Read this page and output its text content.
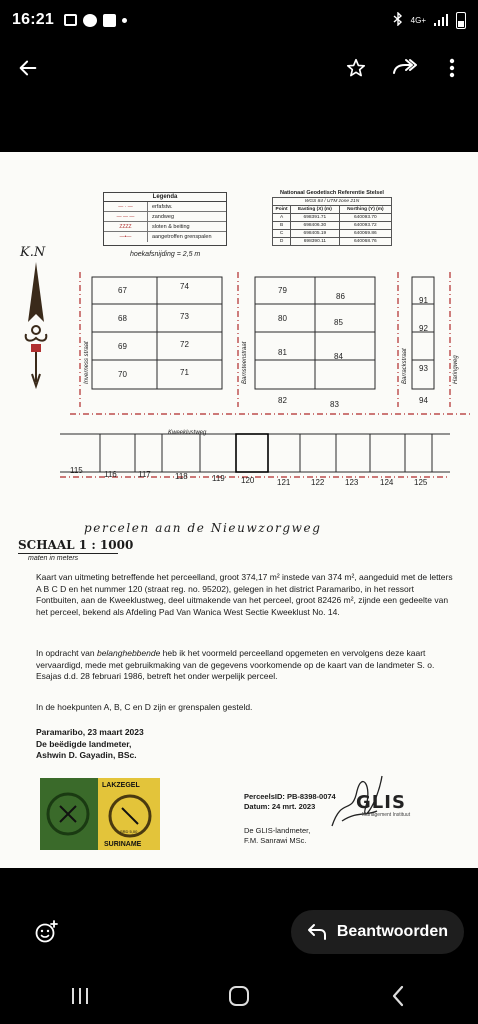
16:21	4G+
Legenda
— · —	erfafstw.
— — —	zandweg
ZZZZ	sloten & beiting
—•—	aangetroffen grenspalen
Nationaal Geodetisch Referentie Stelsel
WGS 84 / UTM zone 21N		
Point	Easting (X) (m)	Northing (Y) (m)
A	698391.71	640093.70
B	698406.30	640093.72
C	698405.19	640069.86
D	698390.11	640068.76
hoekafsnijding = 2,5 m
K.N
Inverness straat	Barnsteenstraat	Barrackstraat	Haringweg
Kweeklustweg
67	74
68	73
69	72
70	71
79
86
80	85
81	84
82	83
91
92
93
94
115	116	117	118	119 120	121	122	123	124	125
percelen aan de Nieuwzorgweg
SCHAAL 1 : 1000
maten in meters
Kaart van uitmeting betreffende het perceelland, groot 374,17 m² instede van 374 m², aangeduid met de letters A B C D en het nummer 120 (straat reg. no. 95202), gelegen in het district Paramaribo, in het ressort Fontbuiten, aan de Kweeklustweg, deel uitmakende van het perceel, groot 82426 m², zijnde een gedeelte van het perceel, bekend als Afdeling Pad Van Wanica West Sectie Kweeklust No. 14.
In opdracht van belanghebbende heb ik het voormeld perceelland opgemeten en vervolgens deze kaart vervaardigd, mede met gebruikmaking van de gegevens voorkomende op de kaart van de landmeter S. o. Esajas d.d. 28 februari 1986, betreft het onder werpelijk perceel.
In de hoekpunten A, B, C en D zijn er grenspalen gesteld.
Paramaribo, 23 maart 2023
De beëdigde landmeter,
Ashwin D. Gayadin, BSc.
LAKZEGEL
SRD 5,00
SURINAME
PerceelsID: PB-8398-0074
Datum: 24 mrt. 2023
De GLIS-landmeter,
F.M. Sanrawi MSc.
GLIS
Management Instituut
Beantwoorden
